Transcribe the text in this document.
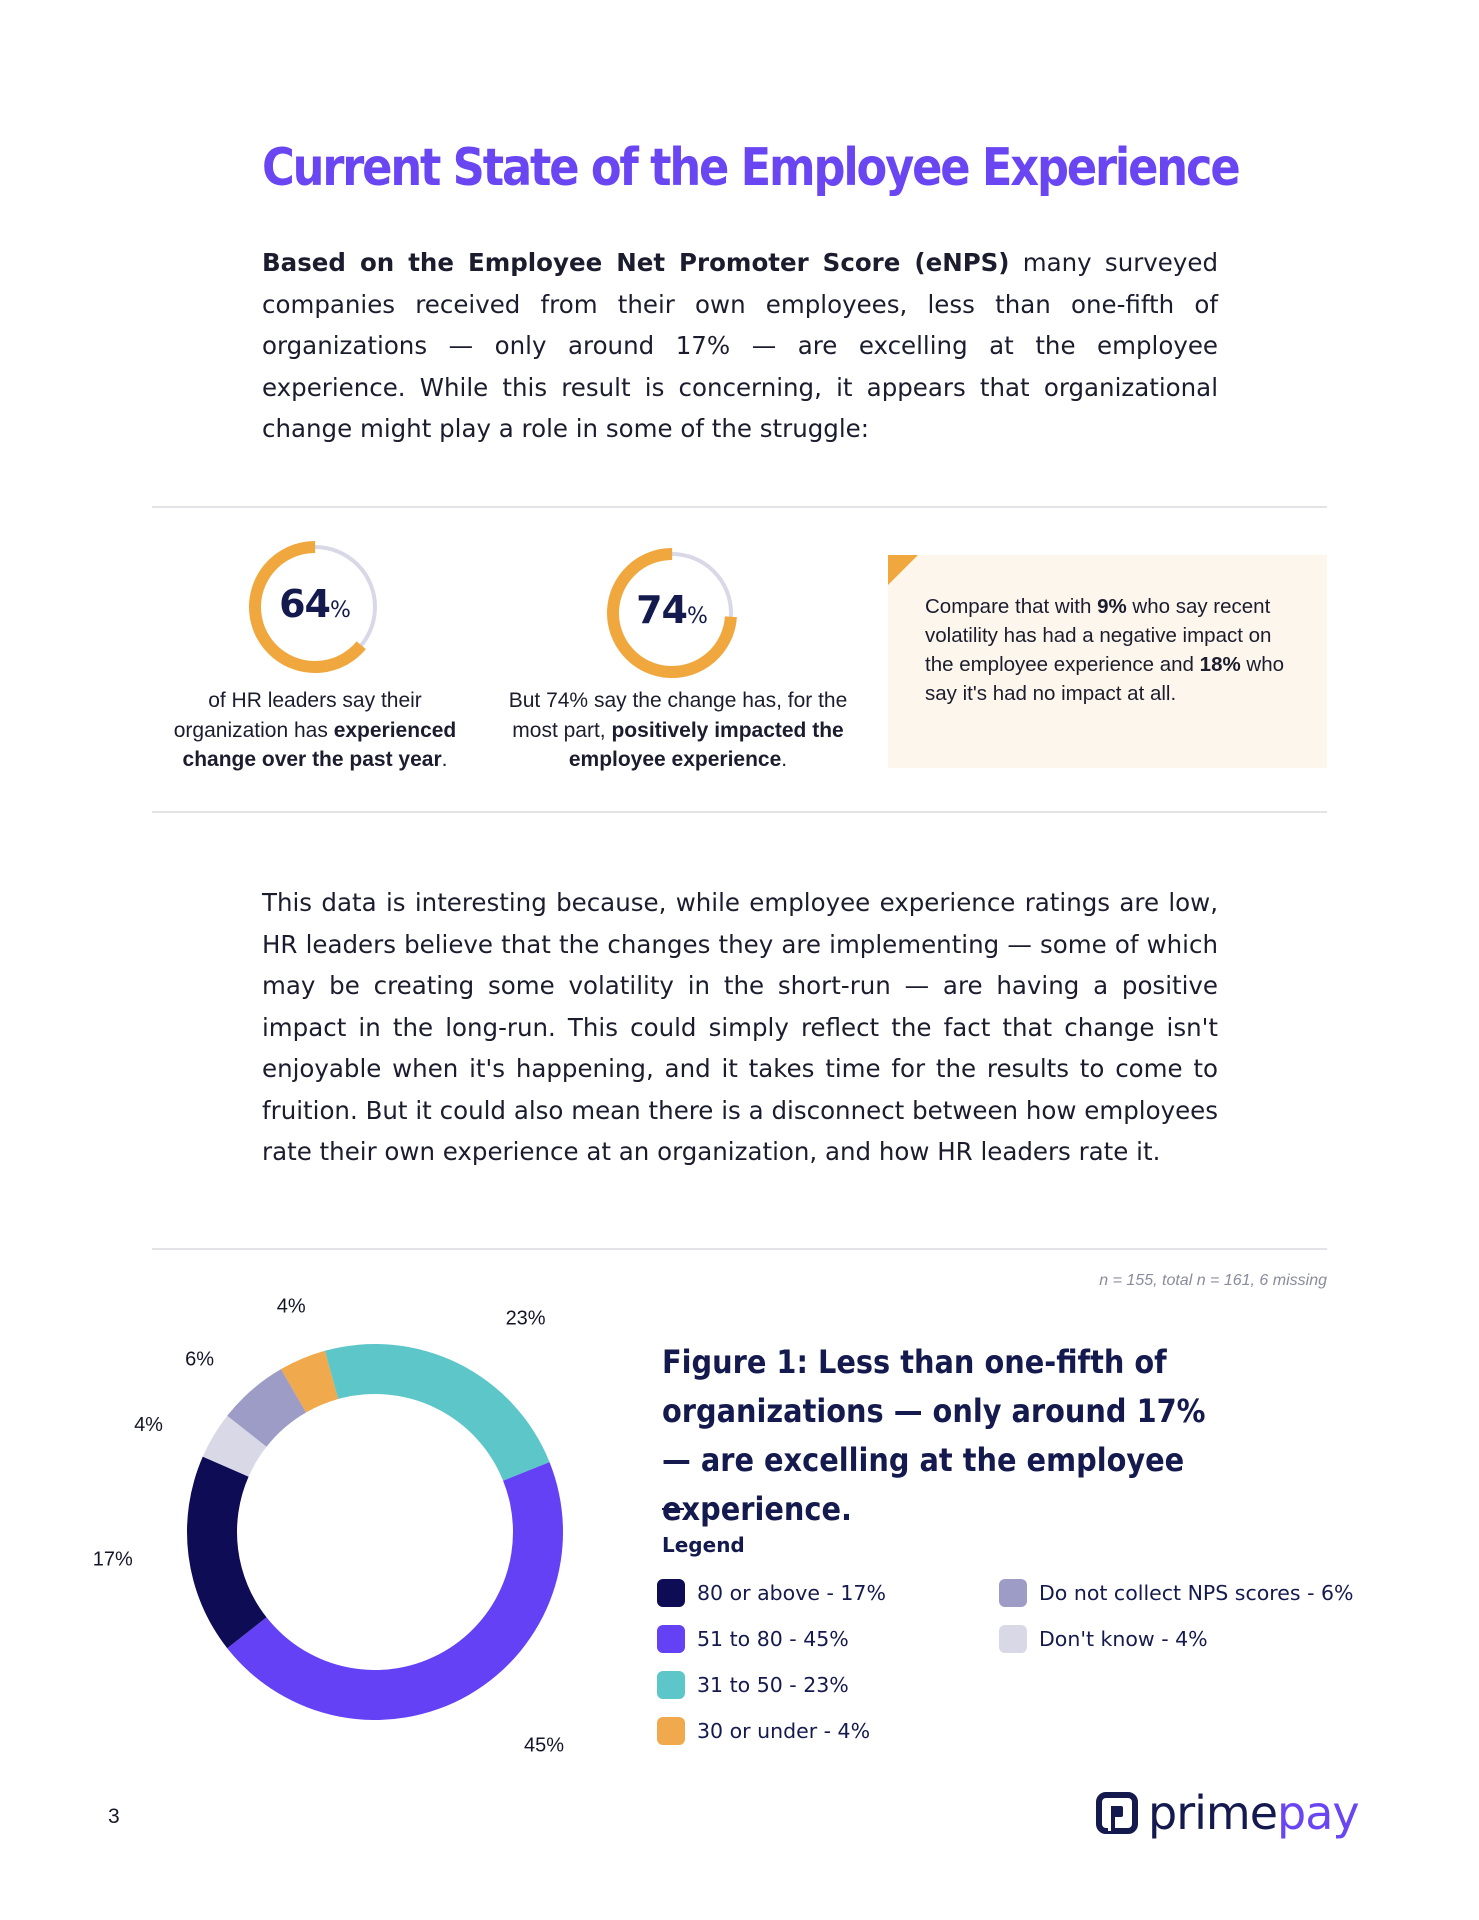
Current State of the Employee Experience

Based on the Employee Net Promoter Score (eNPS) many surveyed companies received from their own employees, less than one-fifth of organizations — only around 17% — are excelling at the employee experience. While this result is concerning, it appears that organizational change might play a role in some of the struggle:

64%

of HR leaders say their organization has experienced change over the past year.

74%

But 74% say the change has, for the most part, positively impacted the employee experience.

Compare that with 9% who say recent volatility has had a negative impact on the employee experience and 18% who say it's had no impact at all.

This data is interesting because, while employee experience ratings are low, HR leaders believe that the changes they are implementing — some of which may be creating some volatility in the short-run — are having a positive impact in the long-run. This could simply reflect the fact that change isn't enjoyable when it's happening, and it takes time for the results to come to fruition. But it could also mean there is a disconnect between how employees rate their own experience at an organization, and how HR leaders rate it.

n = 155, total n = 161, 6 missing

4%
23%
45%
17%
4%
6%	Figure 1: Less than one-fifth of organizations — only around 17% — are excelling at the employee experience.

Legend

80 or above - 17%
51 to 80 - 45%
31 to 50 - 23%
30 or under - 4%
Do not collect NPS scores - 6%
Don't know - 4%

3	primepay
